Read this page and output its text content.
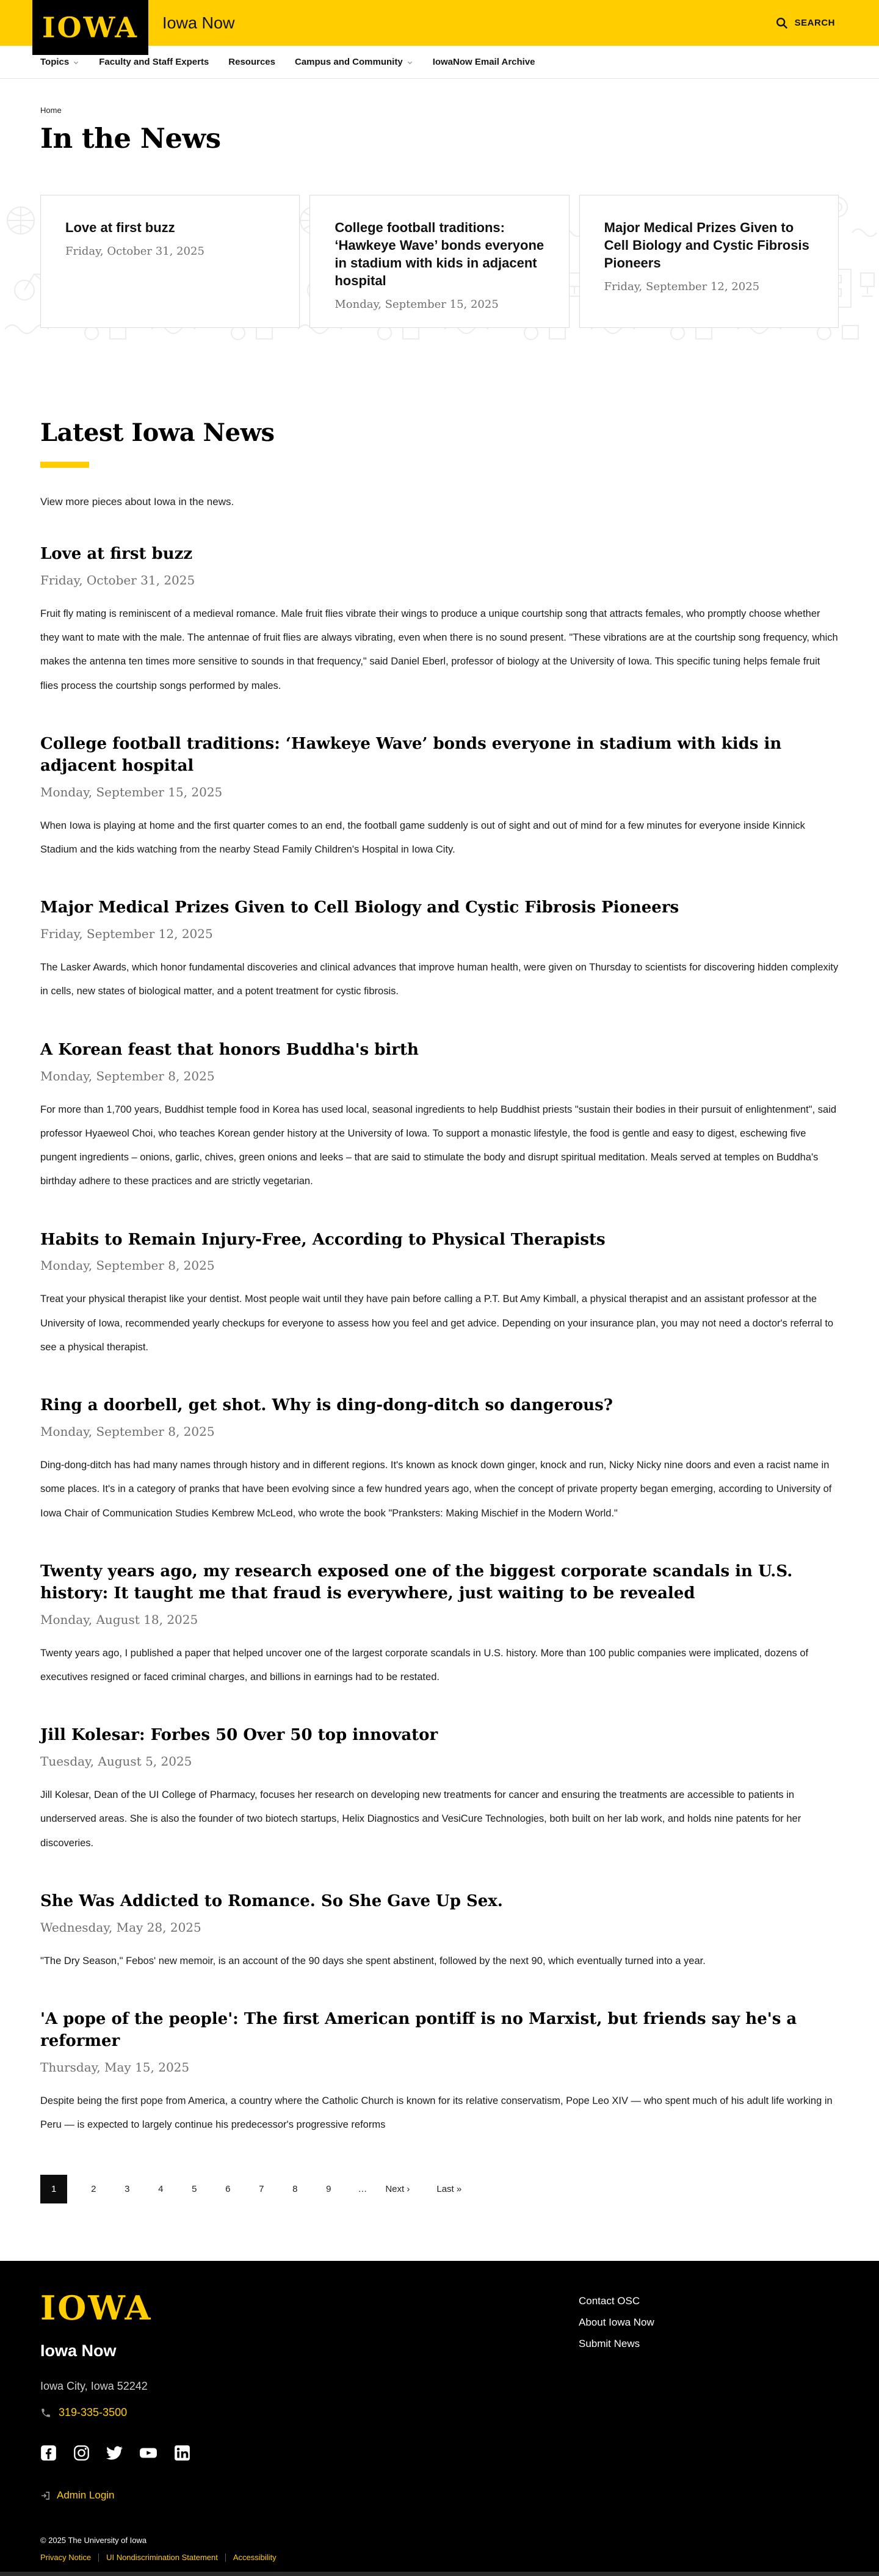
IOWA Iowa Now	SEARCH
Topics	Faculty and Staff Experts Resources Campus and Community	IowaNow Email Archive
Home
In the News

Love at first buzz

Friday, October 31, 2025

College football traditions: ‘Hawkeye Wave’ bonds everyone in stadium with kids in adjacent hospital

Monday, September 15, 2025

Major Medical Prizes Given to Cell Biology and Cystic Fibrosis Pioneers

Friday, September 12, 2025
Latest Iowa News

View more pieces about Iowa in the news.

Love at first buzz
Friday, October 31, 2025

Fruit fly mating is reminiscent of a medieval romance. Male fruit flies vibrate their wings to produce a unique courtship song that attracts females, who promptly choose whether they want to mate with the male. The antennae of fruit flies are always vibrating, even when there is no sound present. "These vibrations are at the courtship song frequency, which makes the antenna ten times more sensitive to sounds in that frequency," said Daniel Eberl, professor of biology at the University of Iowa. This specific tuning helps female fruit flies process the courtship songs performed by males.

College football traditions: ‘Hawkeye Wave’ bonds everyone in stadium with kids in adjacent hospital
Monday, September 15, 2025

When Iowa is playing at home and the first quarter comes to an end, the football game suddenly is out of sight and out of mind for a few minutes for everyone inside Kinnick Stadium and the kids watching from the nearby Stead Family Children's Hospital in Iowa City.

Major Medical Prizes Given to Cell Biology and Cystic Fibrosis Pioneers
Friday, September 12, 2025

The Lasker Awards, which honor fundamental discoveries and clinical advances that improve human health, were given on Thursday to scientists for discovering hidden complexity in cells, new states of biological matter, and a potent treatment for cystic fibrosis.

A Korean feast that honors Buddha's birth
Monday, September 8, 2025

For more than 1,700 years, Buddhist temple food in Korea has used local, seasonal ingredients to help Buddhist priests "sustain their bodies in their pursuit of enlightenment", said professor Hyaeweol Choi, who teaches Korean gender history at the University of Iowa. To support a monastic lifestyle, the food is gentle and easy to digest, eschewing five pungent ingredients – onions, garlic, chives, green onions and leeks – that are said to stimulate the body and disrupt spiritual meditation. Meals served at temples on Buddha's birthday adhere to these practices and are strictly vegetarian.

Habits to Remain Injury-Free, According to Physical Therapists
Monday, September 8, 2025

Treat your physical therapist like your dentist. Most people wait until they have pain before calling a P.T. But Amy Kimball, a physical therapist and an assistant professor at the University of Iowa, recommended yearly checkups for everyone to assess how you feel and get advice. Depending on your insurance plan, you may not need a doctor's referral to see a physical therapist.

Ring a doorbell, get shot. Why is ding-dong-ditch so dangerous?
Monday, September 8, 2025

Ding-dong-ditch has had many names through history and in different regions. It's known as knock down ginger, knock and run, Nicky Nicky nine doors and even a racist name in some places. It's in a category of pranks that have been evolving since a few hundred years ago, when the concept of private property began emerging, according to University of Iowa Chair of Communication Studies Kembrew McLeod, who wrote the book "Pranksters: Making Mischief in the Modern World."

Twenty years ago, my research exposed one of the biggest corporate scandals in U.S. history: It taught me that fraud is everywhere, just waiting to be revealed
Monday, August 18, 2025

Twenty years ago, I published a paper that helped uncover one of the largest corporate scandals in U.S. history. More than 100 public companies were implicated, dozens of executives resigned or faced criminal charges, and billions in earnings had to be restated.

Jill Kolesar: Forbes 50 Over 50 top innovator
Tuesday, August 5, 2025

Jill Kolesar, Dean of the UI College of Pharmacy, focuses her research on developing new treatments for cancer and ensuring the treatments are accessible to patients in underserved areas. She is also the founder of two biotech startups, Helix Diagnostics and VesiCure Technologies, both built on her lab work, and holds nine patents for her discoveries.

She Was Addicted to Romance. So She Gave Up Sex.
Wednesday, May 28, 2025

"The Dry Season," Febos' new memoir, is an account of the 90 days she spent abstinent, followed by the next 90, which eventually turned into a year.

'A pope of the people': The first American pontiff is no Marxist, but friends say he's a reformer
Thursday, May 15, 2025

Despite being the first pope from America, a country where the Catholic Church is known for its relative conservatism, Pope Leo XIV — who spent much of his adult life working in Peru — is expected to largely continue his predecessor's progressive reforms

1	2	3	4	5	6	7	8	9	… Next ›	Last »
IOWA
Iowa Now
Iowa City, Iowa 52242
319-335-3500
Contact OSC
About Iowa Now
Submit News
Admin Login
© 2025 The University of Iowa
Privacy Notice UI Nondiscrimination Statement Accessibility
